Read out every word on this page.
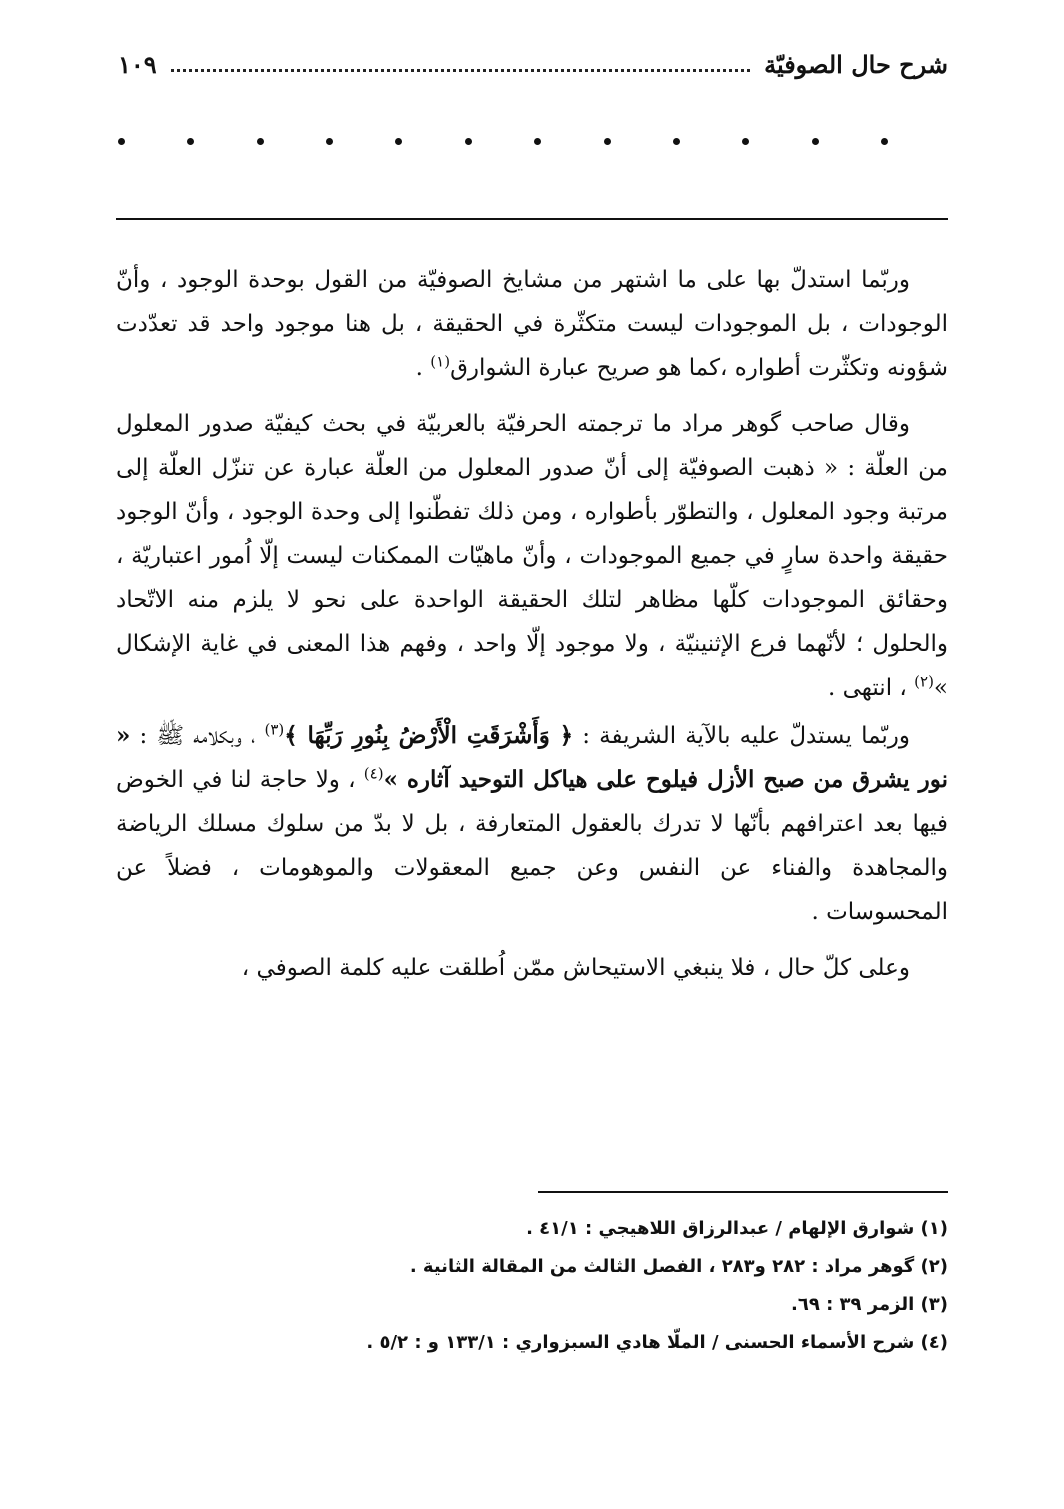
شرح حال الصوفيّة
١٠٩

وربّما استدلّ بها على ما اشتهر من مشايخ الصوفيّة من القول بوحدة الوجود ، وأنّ الوجودات ، بل الموجودات ليست متكثّرة في الحقيقة ، بل هنا موجود واحد قد تعدّدت شؤونه وتكثّرت أطواره ،كما هو صريح عبارة الشوارق$^{(١)}$ .

وقال صاحب گوهر مراد ما ترجمته الحرفيّة بالعربيّة في بحث كيفيّة صدور المعلول من العلّة : « ذهبت الصوفيّة إلى أنّ صدور المعلول من العلّة عبارة عن تنزّل العلّة إلى مرتبة وجود المعلول ، والتطوّر بأطواره ، ومن ذلك تفطّنوا إلى وحدة الوجود ، وأنّ الوجود حقيقة واحدة سارٍ في جميع الموجودات ، وأنّ ماهيّات الممكنات ليست إلّا اُمور اعتباريّة ، وحقائق الموجودات كلّها مظاهر لتلك الحقيقة الواحدة على نحو لا يلزم منه الاتّحاد والحلول ؛ لأنّهما فرع الإثنينيّة ، ولا موجود إلّا واحد ، وفهم هذا المعنى في غاية الإشكال »$^{(٢)}$ ، انتهى .

وربّما يستدلّ عليه بالآية الشريفة : ﴿ وَأَشْرَقَتِ الْأَرْضُ بِنُورِ رَبِّهَا ﴾$^{(٣)}$ ، وبكلامه ﷺ : « نور يشرق من صبح الأزل فيلوح على هياكل التوحيد آثاره »$^{(٤)}$ ، ولا حاجة لنا في الخوض فيها بعد اعترافهم بأنّها لا تدرك بالعقول المتعارفة ، بل لا بدّ من سلوك مسلك الرياضة والمجاهدة والفناء عن النفس وعن جميع المعقولات والموهومات ، فضلاً عن المحسوسات .

وعلى كلّ حال ، فلا ينبغي الاستيحاش ممّن اُطلقت عليه كلمة الصوفي ،

(١) شوارق الإلهام / عبدالرزاق اللاهيجي : ٤١/١ .
(٢) گوهر مراد : ٢٨٢ و٢٨٣ ، الفصل الثالث من المقالة الثانية .
(٣) الزمر ٣٩ : ٦٩.
(٤) شرح الأسماء الحسنى / الملّا هادي السبزواري : ١٣٣/١ و : ٥/٢ .
